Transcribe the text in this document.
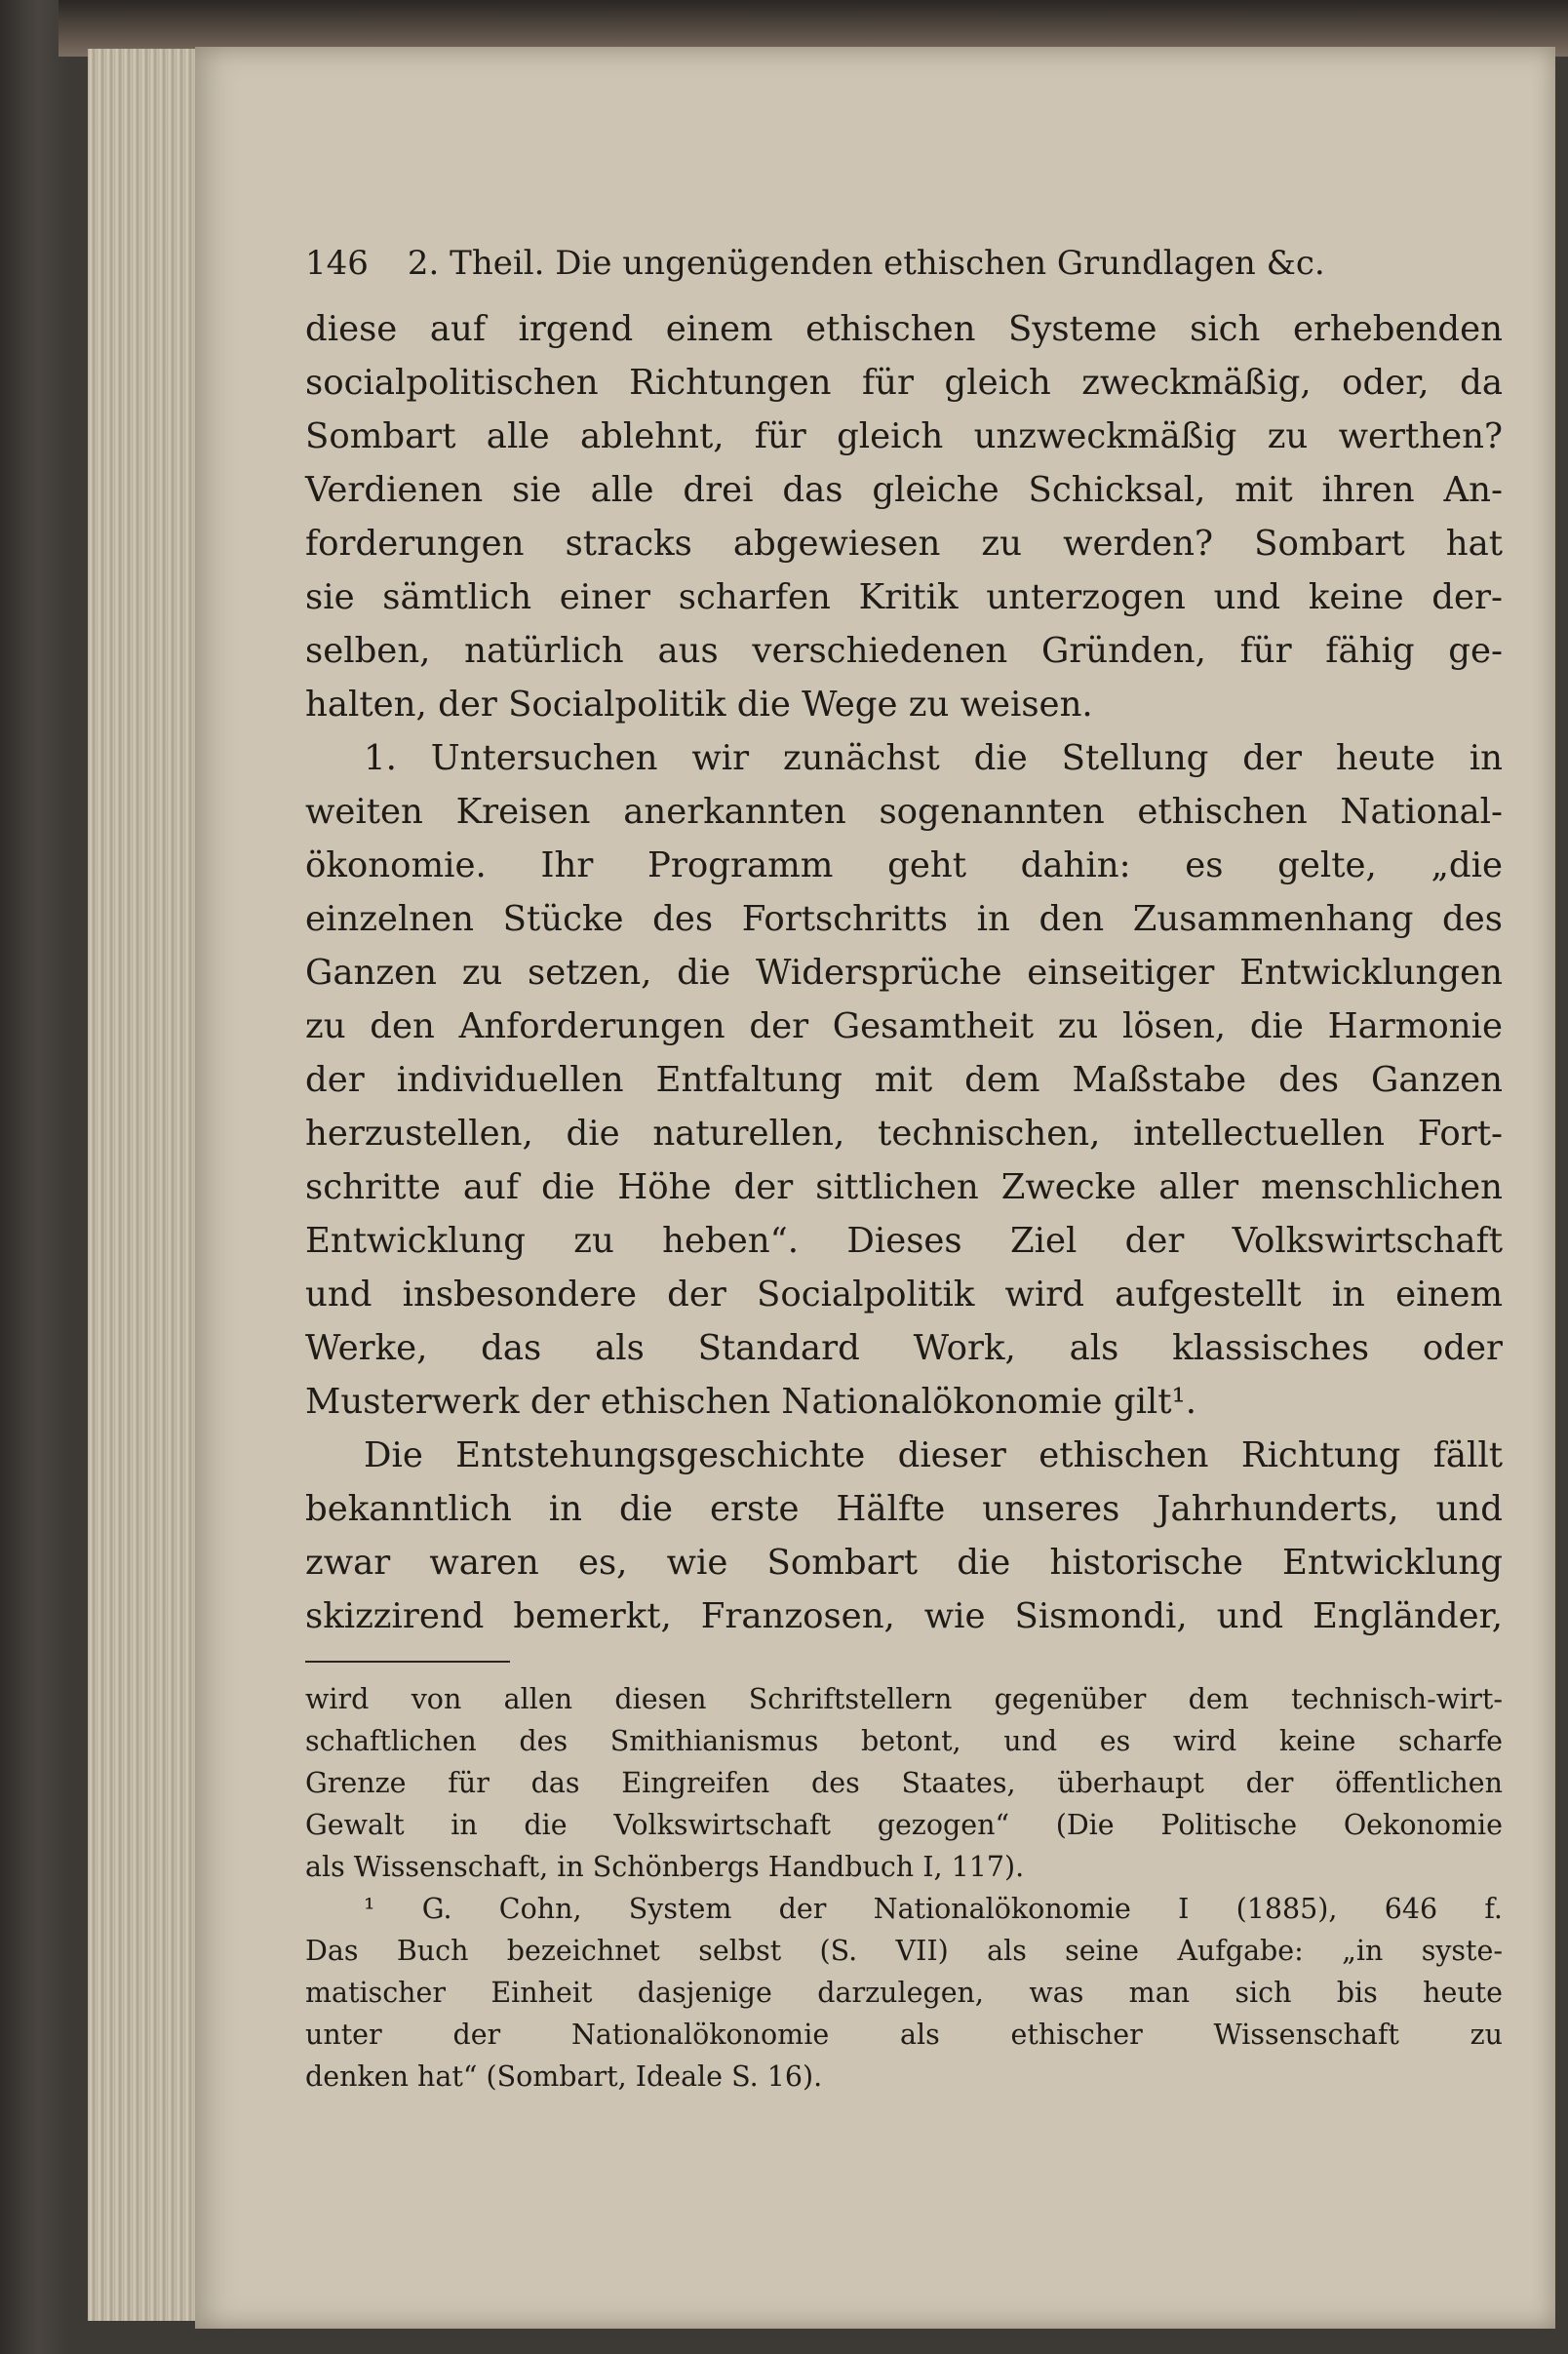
146 2. Theil. Die ungenügenden ethischen Grundlagen &c.
diese auf irgend einem ethischen Systeme sich erhebenden
socialpolitischen Richtungen für gleich zweckmäßig, oder, da
Sombart alle ablehnt, für gleich unzweckmäßig zu werthen?
Verdienen sie alle drei das gleiche Schicksal, mit ihren An-
forderungen stracks abgewiesen zu werden? Sombart hat
sie sämtlich einer scharfen Kritik unterzogen und keine der-
selben, natürlich aus verschiedenen Gründen, für fähig ge-
halten, der Socialpolitik die Wege zu weisen.
1. Untersuchen wir zunächst die Stellung der heute in
weiten Kreisen anerkannten sogenannten ethischen National-
ökonomie. Ihr Programm geht dahin: es gelte, „die
einzelnen Stücke des Fortschritts in den Zusammenhang des
Ganzen zu setzen, die Widersprüche einseitiger Entwicklungen
zu den Anforderungen der Gesamtheit zu lösen, die Harmonie
der individuellen Entfaltung mit dem Maßstabe des Ganzen
herzustellen, die naturellen, technischen, intellectuellen Fort-
schritte auf die Höhe der sittlichen Zwecke aller menschlichen
Entwicklung zu heben“. Dieses Ziel der Volkswirtschaft
und insbesondere der Socialpolitik wird aufgestellt in einem
Werke, das als Standard Work, als klassisches oder
Musterwerk der ethischen Nationalökonomie gilt¹.
Die Entstehungsgeschichte dieser ethischen Richtung fällt
bekanntlich in die erste Hälfte unseres Jahrhunderts, und
zwar waren es, wie Sombart die historische Entwicklung
skizzirend bemerkt, Franzosen, wie Sismondi, und Engländer,
wird von allen diesen Schriftstellern gegenüber dem technisch-wirt-
schaftlichen des Smithianismus betont, und es wird keine scharfe
Grenze für das Eingreifen des Staates, überhaupt der öffentlichen
Gewalt in die Volkswirtschaft gezogen“ (Die Politische Oekonomie
als Wissenschaft, in Schönbergs Handbuch I, 117).
¹ G. Cohn, System der Nationalökonomie I (1885), 646 f.
Das Buch bezeichnet selbst (S. VII) als seine Aufgabe: „in syste-
matischer Einheit dasjenige darzulegen, was man sich bis heute
unter der Nationalökonomie als ethischer Wissenschaft zu
denken hat“ (Sombart, Ideale S. 16).
